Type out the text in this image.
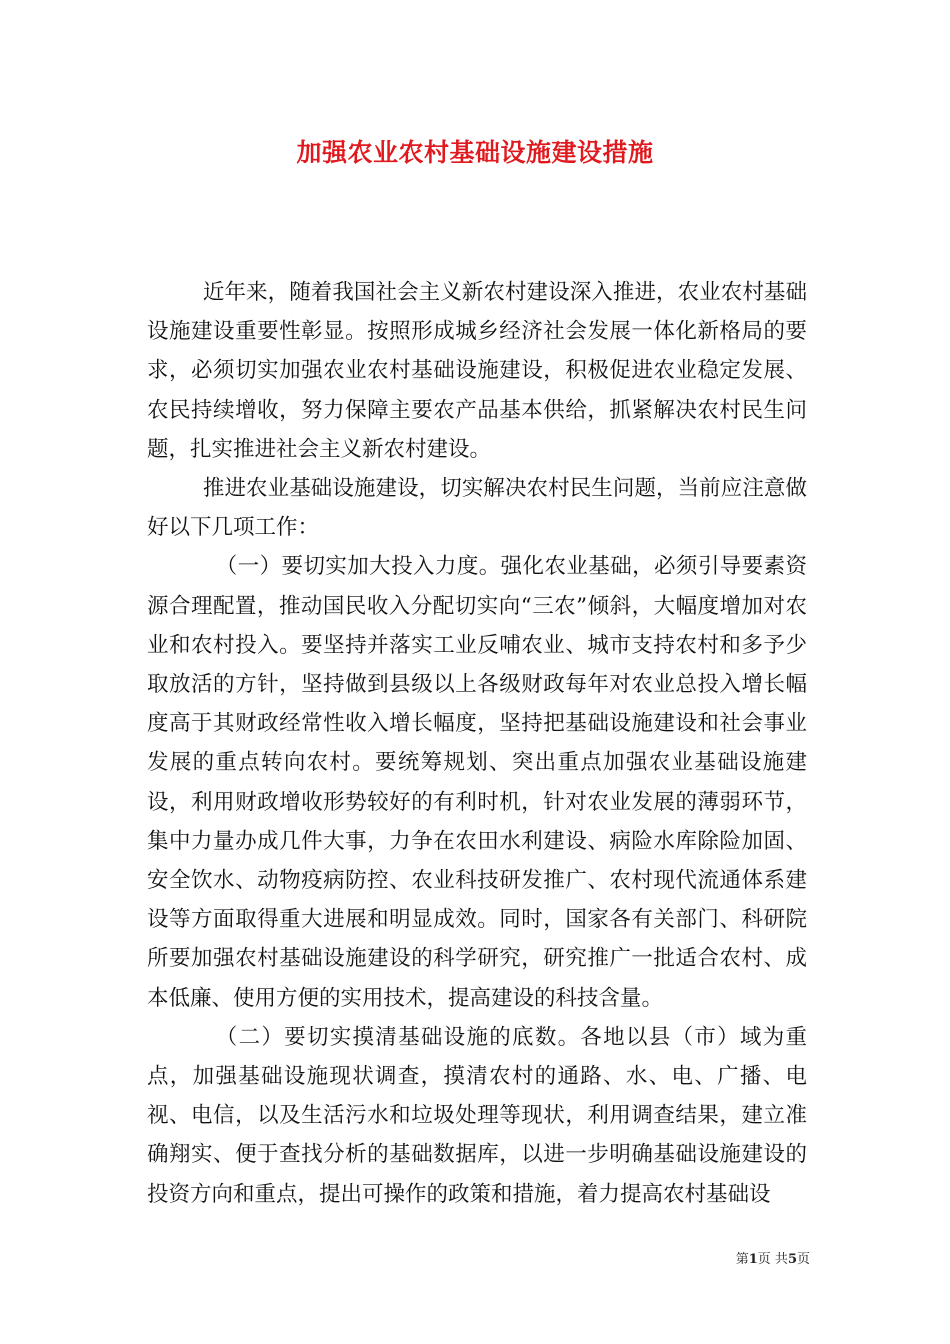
加强农业农村基础设施建设措施

近年来，随着我国社会主义新农村建设深入推进，农业农村基础设施建设重要性彰显。按照形成城乡经济社会发展一体化新格局的要求，必须切实加强农业农村基础设施建设，积极促进农业稳定发展、农民持续增收，努力保障主要农产品基本供给，抓紧解决农村民生问题，扎实推进社会主义新农村建设。

推进农业基础设施建设，切实解决农村民生问题，当前应注意做好以下几项工作：

（一）要切实加大投入力度。强化农业基础，必须引导要素资源合理配置，推动国民收入分配切实向“三农”倾斜，大幅度增加对农业和农村投入。要坚持并落实工业反哺农业、城市支持农村和多予少取放活的方针，坚持做到县级以上各级财政每年对农业总投入增长幅度高于其财政经常性收入增长幅度，坚持把基础设施建设和社会事业发展的重点转向农村。要统筹规划、突出重点加强农业基础设施建设，利用财政增收形势较好的有利时机，针对农业发展的薄弱环节，集中力量办成几件大事，力争在农田水利建设、病险水库除险加固、安全饮水、动物疫病防控、农业科技研发推广、农村现代流通体系建设等方面取得重大进展和明显成效。同时，国家各有关部门、科研院所要加强农村基础设施建设的科学研究，研究推广一批适合农村、成本低廉、使用方便的实用技术，提高建设的科技含量。

（二）要切实摸清基础设施的底数。各地以县（市）域为重点，加强基础设施现状调查，摸清农村的通路、水、电、广播、电视、电信，以及生活污水和垃圾处理等现状，利用调查结果，建立准确翔实、便于查找分析的基础数据库，以进一步明确基础设施建设的投资方向和重点，提出可操作的政策和措施，着力提高农村基础设

第1页 共5页
